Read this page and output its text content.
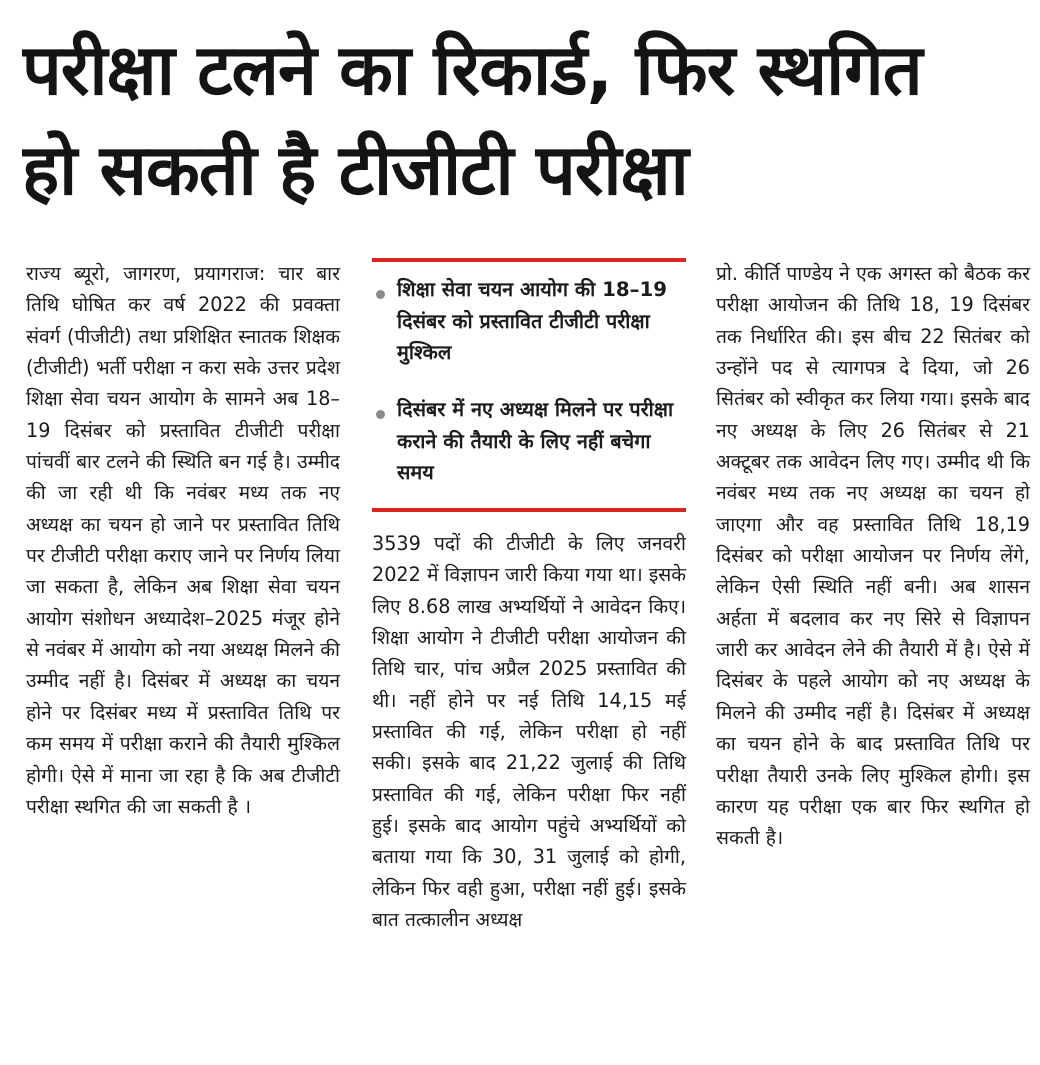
परीक्षा टलने का रिकार्ड, फिर स्थगित
हो सकती है टीजीटी परीक्षा

राज्य ब्यूरो, जागरण, प्रयागराज: चार बार तिथि घोषित कर वर्ष 2022 की प्रवक्ता संवर्ग (पीजीटी) तथा प्रशिक्षित स्नातक शिक्षक (टीजीटी) भर्ती परीक्षा न करा सके उत्तर प्रदेश शिक्षा सेवा चयन आयोग के सामने अब 18–19 दिसंबर को प्रस्तावित टीजीटी परीक्षा पांचवीं बार टलने की स्थिति बन गई है। उम्मीद की जा रही थी कि नवंबर मध्य तक नए अध्यक्ष का चयन हो जाने पर प्रस्तावित तिथि पर टीजीटी परीक्षा कराए जाने पर निर्णय लिया जा सकता है, लेकिन अब शिक्षा सेवा चयन आयोग संशोधन अध्यादेश–2025 मंजूर होने से नवंबर में आयोग को नया अध्यक्ष मिलने की उम्मीद नहीं है। दिसंबर में अध्यक्ष का चयन होने पर दिसंबर मध्य में प्रस्तावित तिथि पर कम समय में परीक्षा कराने की तैयारी मुश्किल होगी। ऐसे में माना जा रहा है कि अब टीजीटी परीक्षा स्थगित की जा सकती है ।

शिक्षा सेवा चयन आयोग की 18–19 दिसंबर को प्रस्तावित टीजीटी परीक्षा मुश्किल
दिसंबर में नए अध्यक्ष मिलने पर परीक्षा कराने की तैयारी के लिए नहीं बचेगा समय

3539 पदों की टीजीटी के लिए जनवरी 2022 में विज्ञापन जारी किया गया था। इसके लिए 8.68 लाख अभ्यर्थियों ने आवेदन किए। शिक्षा आयोग ने टीजीटी परीक्षा आयोजन की तिथि चार, पांच अप्रैल 2025 प्रस्तावित की थी। नहीं होने पर नई तिथि 14,15 मई प्रस्तावित की गई, लेकिन परीक्षा हो नहीं सकी। इसके बाद 21,22 जुलाई की तिथि प्रस्तावित की गई, लेकिन परीक्षा फिर नहीं हुई। इसके बाद आयोग पहुंचे अभ्यर्थियों को बताया गया कि 30, 31 जुलाई को होगी, लेकिन फिर वही हुआ, परीक्षा नहीं हुई। इसके बात तत्कालीन अध्यक्ष

प्रो. कीर्ति पाण्डेय ने एक अगस्त को बैठक कर परीक्षा आयोजन की तिथि 18, 19 दिसंबर तक निर्धारित की। इस बीच 22 सितंबर को उन्होंने पद से त्यागपत्र दे दिया, जो 26 सितंबर को स्वीकृत कर लिया गया। इसके बाद नए अध्यक्ष के लिए 26 सितंबर से 21 अक्टूबर तक आवेदन लिए गए। उम्मीद थी कि नवंबर मध्य तक नए अध्यक्ष का चयन हो जाएगा और वह प्रस्तावित तिथि 18,19 दिसंबर को परीक्षा आयोजन पर निर्णय लेंगे, लेकिन ऐसी स्थिति नहीं बनी। अब शासन अर्हता में बदलाव कर नए सिरे से विज्ञापन जारी कर आवेदन लेने की तैयारी में है। ऐसे में दिसंबर के पहले आयोग को नए अध्यक्ष के मिलने की उम्मीद नहीं है। दिसंबर में अध्यक्ष का चयन होने के बाद प्रस्तावित तिथि पर परीक्षा तैयारी उनके लिए मुश्किल होगी। इस कारण यह परीक्षा एक बार फिर स्थगित हो सकती है।
